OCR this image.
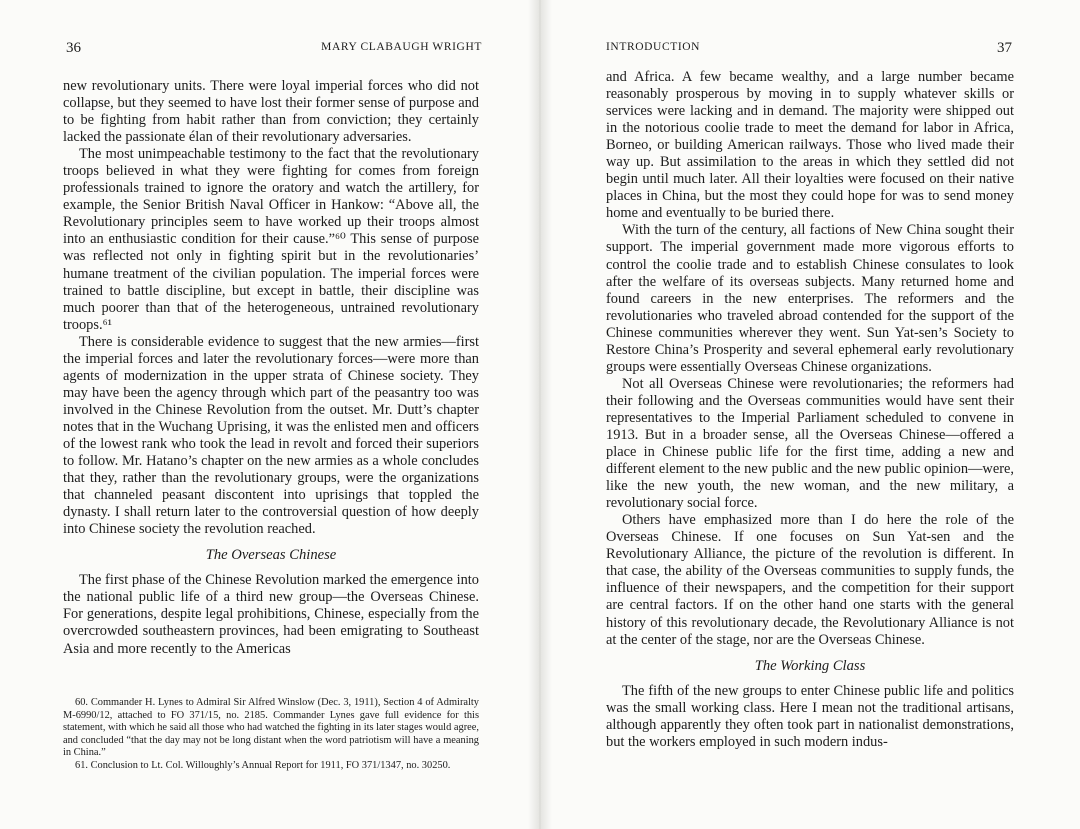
36	MARY CLABAUGH WRIGHT

new revolutionary units. There were loyal imperial forces who did not collapse, but they seemed to have lost their former sense of purpose and to be fighting from habit rather than from conviction; they certainly lacked the passionate élan of their revolutionary adversaries.

The most unimpeachable testimony to the fact that the revolutionary troops believed in what they were fighting for comes from foreign professionals trained to ignore the oratory and watch the artillery, for example, the Senior British Naval Officer in Hankow: “Above all, the Revolutionary principles seem to have worked up their troops almost into an enthusiastic condition for their cause.”⁶⁰ This sense of purpose was reflected not only in fighting spirit but in the revolutionaries’ humane treatment of the civilian population. The imperial forces were trained to battle discipline, but except in battle, their discipline was much poorer than that of the heterogeneous, untrained revolutionary troops.⁶¹

There is considerable evidence to suggest that the new armies—first the imperial forces and later the revolutionary forces—were more than agents of modernization in the upper strata of Chinese society. They may have been the agency through which part of the peasantry too was involved in the Chinese Revolution from the outset. Mr. Dutt’s chapter notes that in the Wuchang Uprising, it was the enlisted men and officers of the lowest rank who took the lead in revolt and forced their superiors to follow. Mr. Hatano’s chapter on the new armies as a whole concludes that they, rather than the revolutionary groups, were the organizations that channeled peasant discontent into uprisings that toppled the dynasty. I shall return later to the controversial question of how deeply into Chinese society the revolution reached.

The Overseas Chinese

The first phase of the Chinese Revolution marked the emergence into the national public life of a third new group—the Overseas Chinese. For generations, despite legal prohibitions, Chinese, especially from the overcrowded southeastern provinces, had been emigrating to Southeast Asia and more recently to the Americas

60. Commander H. Lynes to Admiral Sir Alfred Winslow (Dec. 3, 1911), Section 4 of Admiralty M-6990/12, attached to FO 371/15, no. 2185. Commander Lynes gave full evidence for this statement, with which he said all those who had watched the fighting in its later stages would agree, and concluded “that the day may not be long distant when the word patriotism will have a meaning in China.”

61. Conclusion to Lt. Col. Willoughly’s Annual Report for 1911, FO 371/1347, no. 30250.

INTRODUCTION	37

and Africa. A few became wealthy, and a large number became reasonably prosperous by moving in to supply whatever skills or services were lacking and in demand. The majority were shipped out in the notorious coolie trade to meet the demand for labor in Africa, Borneo, or building American railways. Those who lived made their way up. But assimilation to the areas in which they settled did not begin until much later. All their loyalties were focused on their native places in China, but the most they could hope for was to send money home and eventually to be buried there.

With the turn of the century, all factions of New China sought their support. The imperial government made more vigorous efforts to control the coolie trade and to establish Chinese consulates to look after the welfare of its overseas subjects. Many returned home and found careers in the new enterprises. The reformers and the revolutionaries who traveled abroad contended for the support of the Chinese communities wherever they went. Sun Yat-sen’s Society to Restore China’s Prosperity and several ephemeral early revolutionary groups were essentially Overseas Chinese organizations.

Not all Overseas Chinese were revolutionaries; the reformers had their following and the Overseas communities would have sent their representatives to the Imperial Parliament scheduled to convene in 1913. But in a broader sense, all the Overseas Chinese—offered a place in Chinese public life for the first time, adding a new and different element to the new public and the new public opinion—were, like the new youth, the new woman, and the new military, a revolutionary social force.

Others have emphasized more than I do here the role of the Overseas Chinese. If one focuses on Sun Yat-sen and the Revolutionary Alliance, the picture of the revolution is different. In that case, the ability of the Overseas communities to supply funds, the influence of their newspapers, and the competition for their support are central factors. If on the other hand one starts with the general history of this revolutionary decade, the Revolutionary Alliance is not at the center of the stage, nor are the Overseas Chinese.

The Working Class

The fifth of the new groups to enter Chinese public life and politics was the small working class. Here I mean not the traditional artisans, although apparently they often took part in nationalist demonstrations, but the workers employed in such modern indus-
